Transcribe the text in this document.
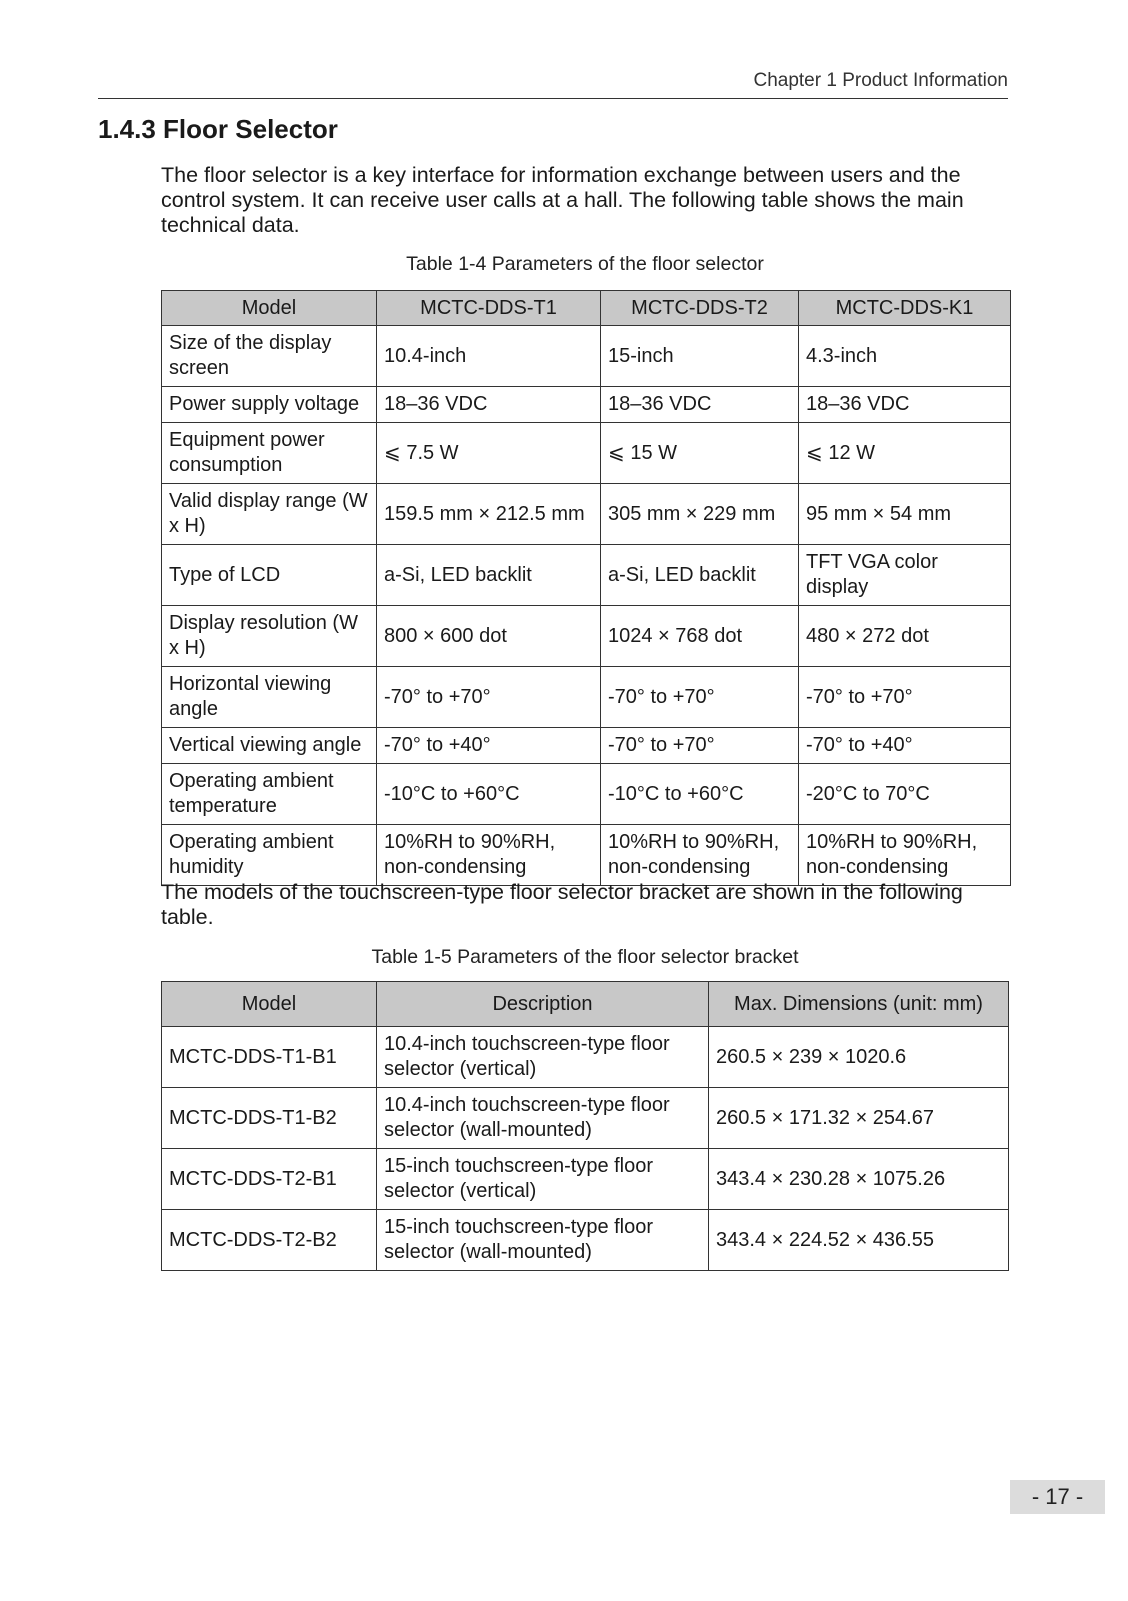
Chapter 1 Product Information
1.4.3 Floor Selector

The floor selector is a key interface for information exchange between users and the control system. It can receive user calls at a hall. The following table shows the main technical data.

Table 1-4 Parameters of the floor selector
Model	MCTC-DDS-T1	MCTC-DDS-T2	MCTC-DDS-K1
Size of the display screen	10.4-inch	15-inch	4.3-inch
Power supply voltage	18–36 VDC	18–36 VDC	18–36 VDC
Equipment power consumption	⩽ 7.5 W	⩽ 15 W	⩽ 12 W
Valid display range (W x H)	159.5 mm × 212.5 mm	305 mm × 229 mm	95 mm × 54 mm
Type of LCD	a-Si, LED backlit	a-Si, LED backlit	TFT VGA color display
Display resolution (W x H)	800 × 600 dot	1024 × 768 dot	480 × 272 dot
Horizontal viewing angle	-70° to +70°	-70° to +70°	-70° to +70°
Vertical viewing angle	-70° to +40°	-70° to +70°	-70° to +40°
Operating ambient temperature	-10°C to +60°C	-10°C to +60°C	-20°C to 70°C
Operating ambient humidity	10%RH to 90%RH, non-condensing	10%RH to 90%RH, non-condensing	10%RH to 90%RH, non-condensing

The models of the touchscreen-type floor selector bracket are shown in the following table.

Table 1-5 Parameters of the floor selector bracket
Model	Description	Max. Dimensions (unit: mm)
MCTC-DDS-T1-B1	10.4-inch touchscreen-type floor selector (vertical)	260.5 × 239 × 1020.6
MCTC-DDS-T1-B2	10.4-inch touchscreen-type floor selector (wall-mounted)	260.5 × 171.32 × 254.67
MCTC-DDS-T2-B1	15-inch touchscreen-type floor selector (vertical)	343.4 × 230.28 × 1075.26
MCTC-DDS-T2-B2	15-inch touchscreen-type floor selector (wall-mounted)	343.4 × 224.52 × 436.55
- 17 -
